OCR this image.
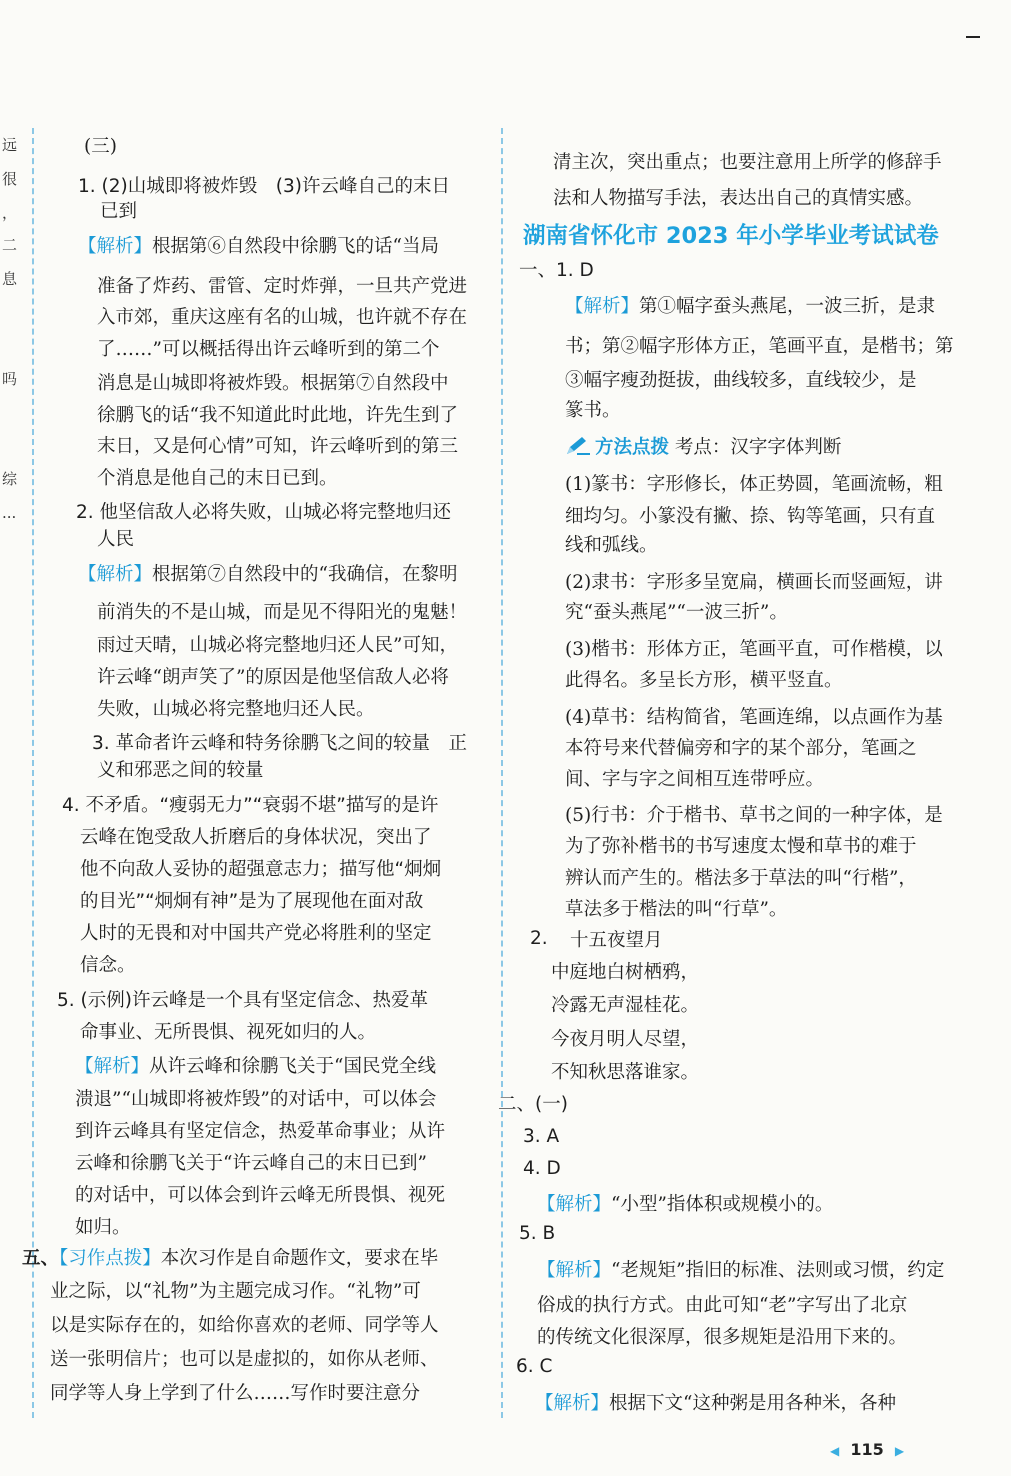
远
很
，
二
息
吗
综
...
(三)
1. (2)山城即将被炸毁　(3)许云峰自己的末日
已到
【解析】根据第⑥自然段中徐鹏飞的话“当局
准备了炸药、雷管、定时炸弹，一旦共产党进
入市郊，重庆这座有名的山城，也许就不存在
了……”可以概括得出许云峰听到的第二个
消息是山城即将被炸毁。根据第⑦自然段中
徐鹏飞的话“我不知道此时此地，许先生到了
末日，又是何心情”可知，许云峰听到的第三
个消息是他自己的末日已到。
2. 他坚信敌人必将失败，山城必将完整地归还
人民
【解析】根据第⑦自然段中的“我确信，在黎明
前消失的不是山城，而是见不得阳光的鬼魅！
雨过天晴，山城必将完整地归还人民”可知，
许云峰“朗声笑了”的原因是他坚信敌人必将
失败，山城必将完整地归还人民。
3. 革命者许云峰和特务徐鹏飞之间的较量　正
义和邪恶之间的较量
4. 不矛盾。“瘦弱无力”“衰弱不堪”描写的是许
云峰在饱受敌人折磨后的身体状况，突出了
他不向敌人妥协的超强意志力；描写他“炯炯
的目光”“炯炯有神”是为了展现他在面对敌
人时的无畏和对中国共产党必将胜利的坚定
信念。
5. (示例)许云峰是一个具有坚定信念、热爱革
命事业、无所畏惧、视死如归的人。
【解析】从许云峰和徐鹏飞关于“国民党全线
溃退”“山城即将被炸毁”的对话中，可以体会
到许云峰具有坚定信念，热爱革命事业；从许
云峰和徐鹏飞关于“许云峰自己的末日已到”
的对话中，可以体会到许云峰无所畏惧、视死
如归。
五、【习作点拨】本次习作是自命题作文，要求在毕
业之际，以“礼物”为主题完成习作。“礼物”可
以是实际存在的，如给你喜欢的老师、同学等人
送一张明信片；也可以是虚拟的，如你从老师、
同学等人身上学到了什么……写作时要注意分
清主次，突出重点；也要注意用上所学的修辞手
法和人物描写手法，表达出自己的真情实感。
湖南省怀化市 2023 年小学毕业考试试卷
一、1. D
【解析】第①幅字蚕头燕尾，一波三折，是隶
书；第②幅字形体方正，笔画平直，是楷书；第
③幅字瘦劲挺拔，曲线较多，直线较少，是
篆书。
方法点拨 考点：汉字字体判断
(1)篆书：字形修长，体正势圆，笔画流畅，粗
细均匀。小篆没有撇、捺、钩等笔画，只有直
线和弧线。
(2)隶书：字形多呈宽扁，横画长而竖画短，讲
究“蚕头燕尾”“一波三折”。
(3)楷书：形体方正，笔画平直，可作楷模，以
此得名。多呈长方形，横平竖直。
(4)草书：结构简省，笔画连绵，以点画作为基
本符号来代替偏旁和字的某个部分，笔画之
间、字与字之间相互连带呼应。
(5)行书：介于楷书、草书之间的一种字体，是
为了弥补楷书的书写速度太慢和草书的难于
辨认而产生的。楷法多于草法的叫“行楷”，
草法多于楷法的叫“行草”。
2. 十五夜望月
中庭地白树栖鸦，
冷露无声湿桂花。
今夜月明人尽望，
不知秋思落谁家。
二、(一)
3. A
4. D
【解析】“小型”指体积或规模小的。
5. B
【解析】“老规矩”指旧的标准、法则或习惯，约定
俗成的执行方式。由此可知“老”字写出了北京
的传统文化很深厚，很多规矩是沿用下来的。
6. C
【解析】根据下文“这种粥是用各种米，各种
◀ 115 ▶
